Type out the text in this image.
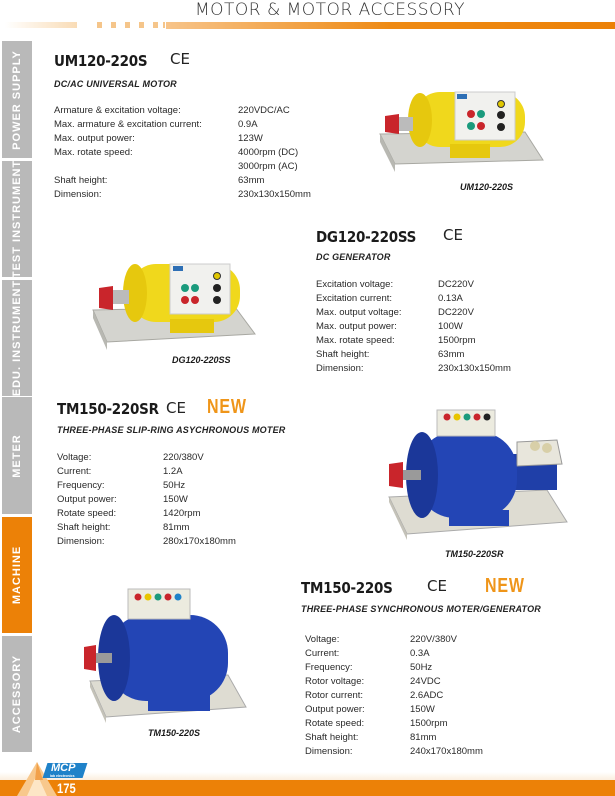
MOTOR & MOTOR ACCESSORY
POWER SUPPLY
TEST INSTRUMENT
EDU. INSTRUMENT
METER
MACHINE
ACCESSORY
UM120-220S	CE
DC/AC UNIVERSAL MOTOR
Armature & excitation voltage:	220VDC/AC
Max. armature & excitation current:	0.9A
Max. output power:	123W
Max. rotate speed:	4000rpm (DC)
3000rpm (AC)
Shaft height:	63mm
Dimension:	230x130x150mm
UM120-220S
DG120-220SS	CE
DC GENERATOR
Excitation voltage:	DC220V
Excitation current:	0.13A
Max. output voltage:	DC220V
Max. output power:	100W
Max. rotate speed:	1500rpm
Shaft height:	63mm
Dimension:	230x130x150mm
DG120-220SS
TM150-220SR CE NEW
THREE-PHASE SLIP-RING ASYCHRONOUS MOTER
Voltage:	220/380V
Current:	1.2A
Frequency:	50Hz
Output power:	150W
Rotate speed:	1420rpm
Shaft height:	81mm
Dimension:	280x170x180mm
TM150-220SR
TM150-220S	CE NEW
THREE-PHASE SYNCHRONOUS MOTER/GENERATOR
Voltage:	220V/380V
Current:	0.3A
Frequency:	50Hz
Rotor voltage:	24VDC
Rotor current:	2.6ADC
Output power:	150W
Rotate speed:	1500rpm
Shaft height:	81mm
Dimension:	240x170x180mm
TM150-220S
MCP
lab electronics
175
